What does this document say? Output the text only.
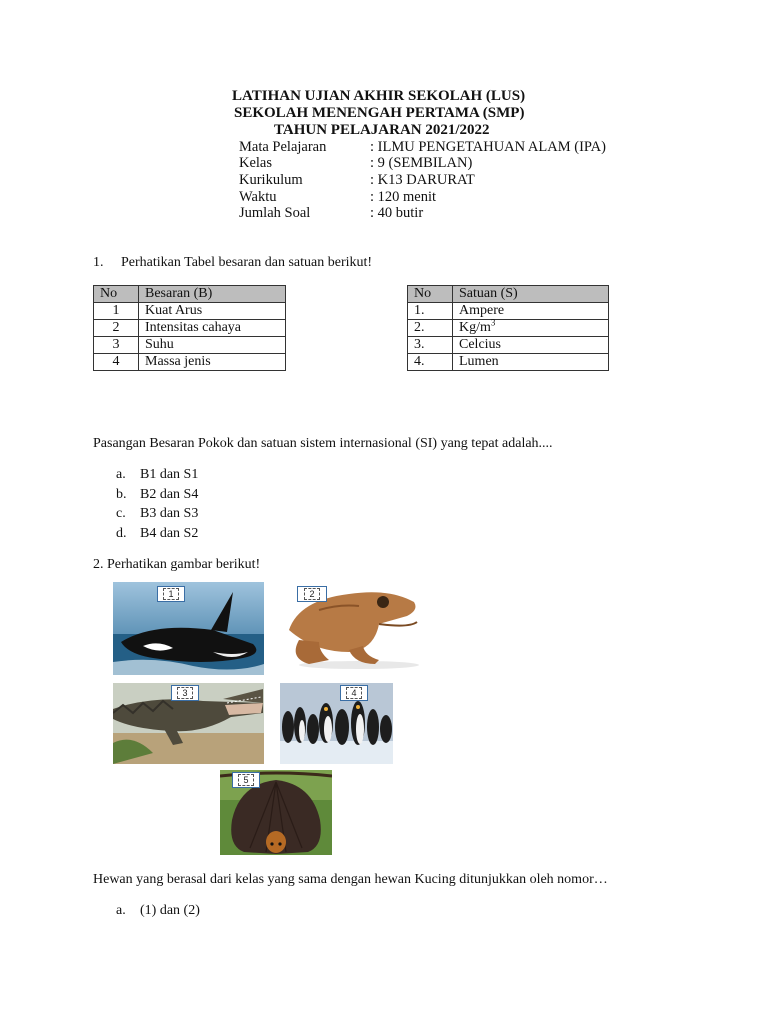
LATIHAN UJIAN AKHIR SEKOLAH (LUS)
SEKOLAH MENENGAH PERTAMA (SMP)
TAHUN PELAJARAN 2021/2022
Mata Pelajaran	: ILMU PENGETAHUAN ALAM (IPA)
Kelas	: 9 (SEMBILAN)
Kurikulum	: K13 DARURAT
Waktu	: 120 menit
Jumlah Soal	: 40 butir
1. Perhatikan Tabel besaran dan satuan berikut!
No	Besaran (B)
1	Kuat Arus
2	Intensitas cahaya
3	Suhu
4	Massa jenis
No	Satuan (S)
1.	Ampere
2.	$Kg/m^3$
3.	Celcius
4.	Lumen
Pasangan Besaran Pokok dan satuan sistem internasional (SI) yang tepat adalah....
a. B1 dan S1
b. B2 dan S4
c. B3 dan S3
d. B4 dan S2
2. Perhatikan gambar berikut!
1	2
3	4
5
Hewan yang berasal dari kelas yang sama dengan hewan Kucing ditunjukkan oleh nomor…
a. (1) dan (2)
